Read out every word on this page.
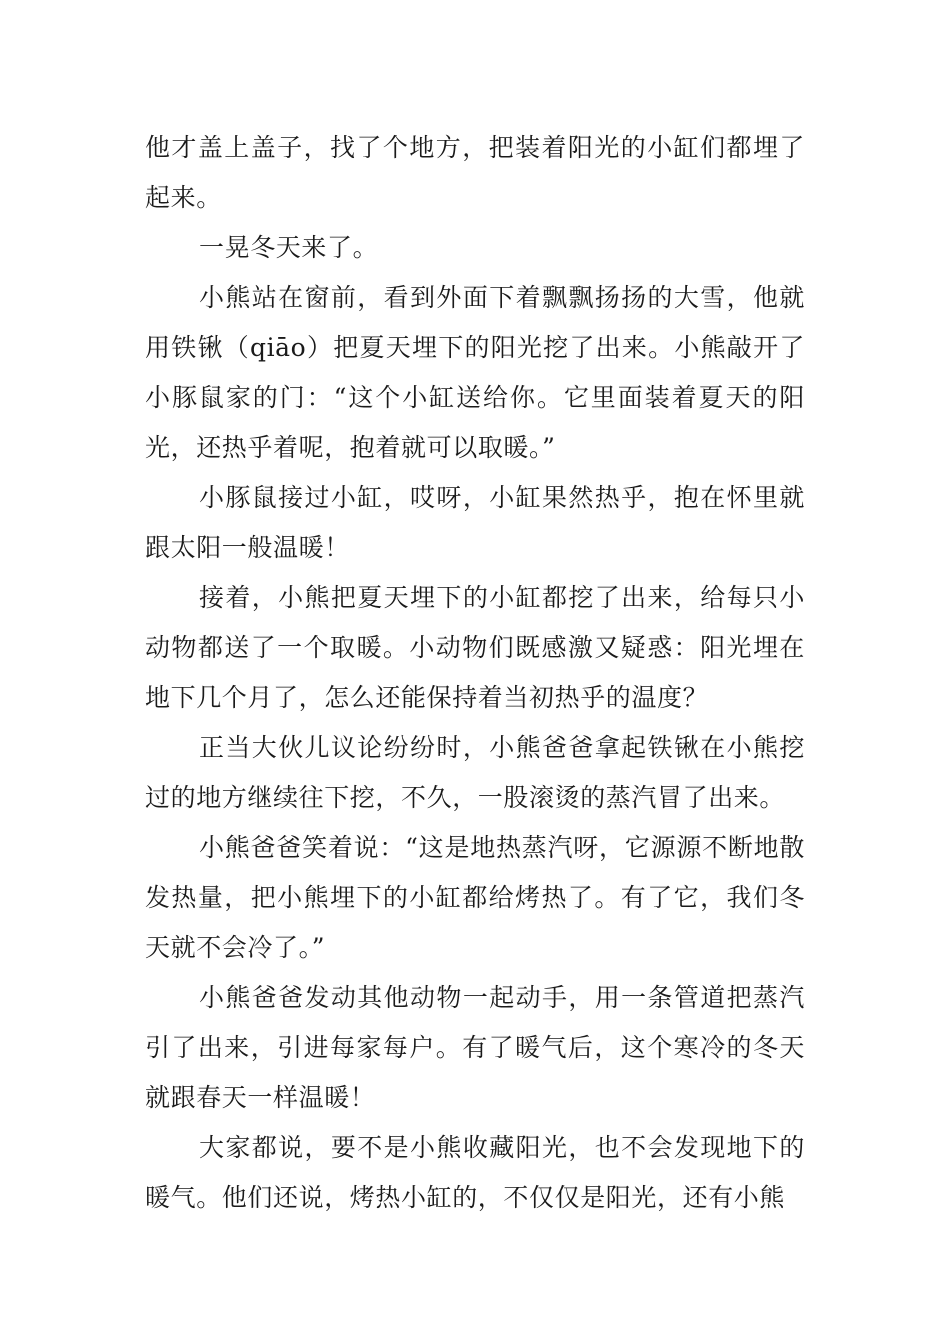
他才盖上盖子，找了个地方，把装着阳光的小缸们都埋了起来。

一晃冬天来了。

小熊站在窗前，看到外面下着飘飘扬扬的大雪，他就用铁锹（qiāo）把夏天埋下的阳光挖了出来。小熊敲开了小豚鼠家的门：“这个小缸送给你。它里面装着夏天的阳光，还热乎着呢，抱着就可以取暖。”

小豚鼠接过小缸，哎呀，小缸果然热乎，抱在怀里就跟太阳一般温暖！

接着，小熊把夏天埋下的小缸都挖了出来，给每只小动物都送了一个取暖。小动物们既感激又疑惑：阳光埋在地下几个月了，怎么还能保持着当初热乎的温度？

正当大伙儿议论纷纷时，小熊爸爸拿起铁锹在小熊挖过的地方继续往下挖，不久，一股滚烫的蒸汽冒了出来。

小熊爸爸笑着说：“这是地热蒸汽呀，它源源不断地散发热量，把小熊埋下的小缸都给烤热了。有了它，我们冬天就不会冷了。”

小熊爸爸发动其他动物一起动手，用一条管道把蒸汽引了出来，引进每家每户。有了暖气后，这个寒冷的冬天就跟春天一样温暖！

大家都说，要不是小熊收藏阳光，也不会发现地下的暖气。他们还说，烤热小缸的，不仅仅是阳光，还有小熊
